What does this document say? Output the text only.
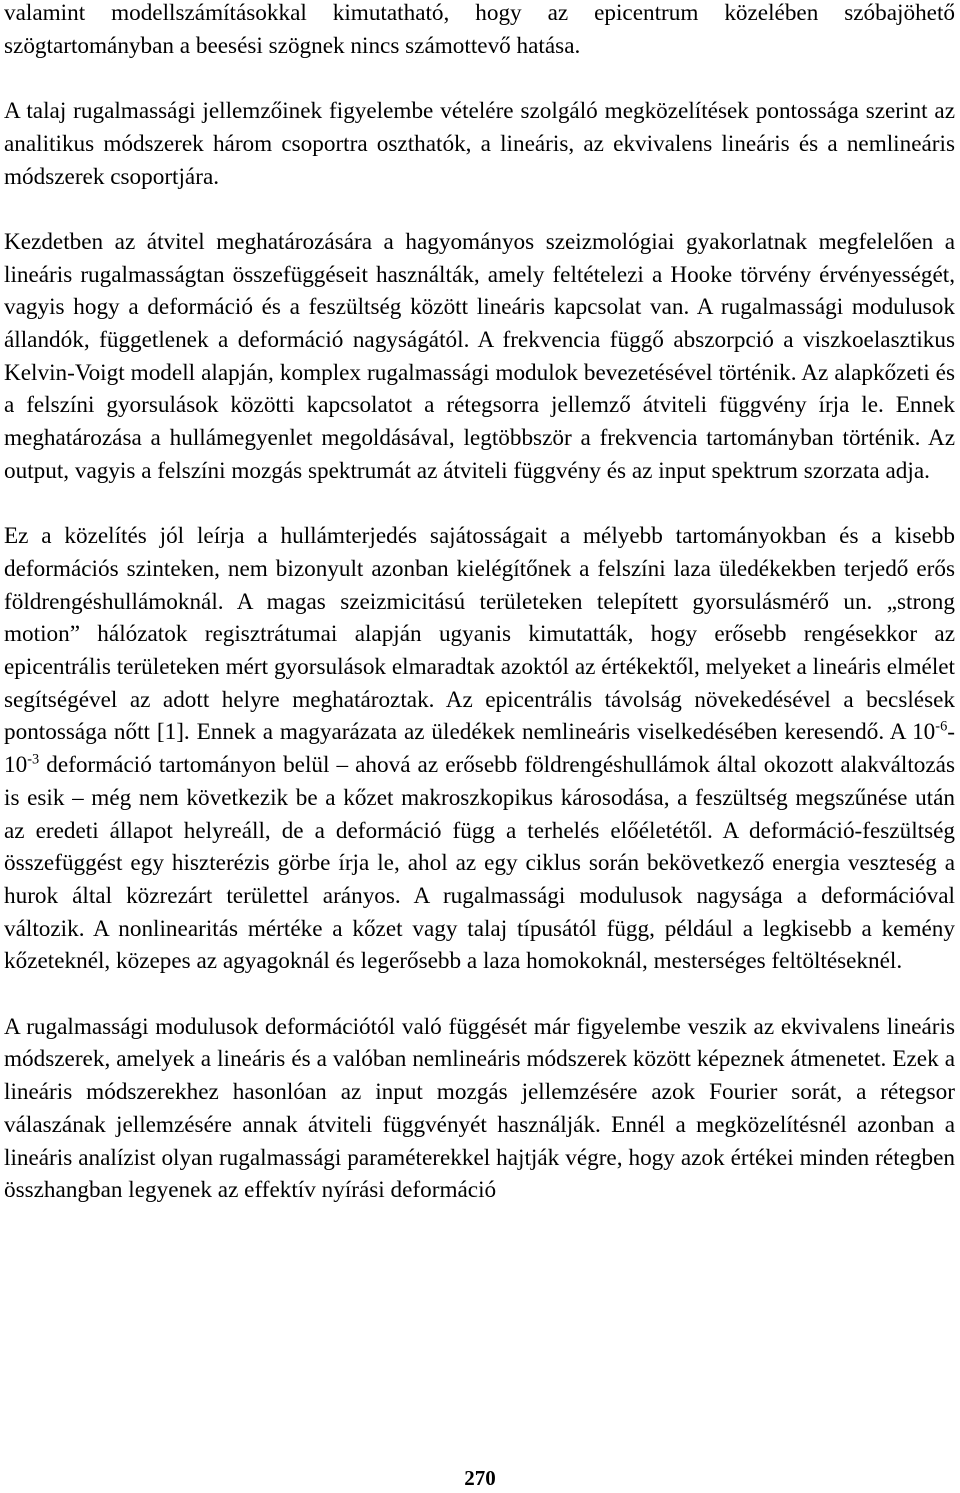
valamint modellszámításokkal kimutatható, hogy az epicentrum közelében szóbajöhető szögtartományban a beesési szögnek nincs számottevő hatása.

A talaj rugalmassági jellemzőinek figyelembe vételére szolgáló megközelítések pontossága szerint az analitikus módszerek három csoportra oszthatók, a lineáris, az ekvivalens lineáris és a nemlineáris módszerek csoportjára.

Kezdetben az átvitel meghatározására a hagyományos szeizmológiai gyakorlatnak megfelelően a lineáris rugalmasságtan összefüggéseit használták, amely feltételezi a Hooke törvény érvényességét, vagyis hogy a deformáció és a feszültség között lineáris kapcsolat van. A rugalmassági modulusok állandók, függetlenek a deformáció nagyságától. A frekvencia függő abszorpció a viszkoelasztikus Kelvin-Voigt modell alapján, komplex rugalmassági modulok bevezetésével történik. Az alapkőzeti és a felszíni gyorsulások közötti kapcsolatot a rétegsorra jellemző átviteli függvény írja le. Ennek meghatározása a hullámegyenlet megoldásával, legtöbbször a frekvencia tartományban történik. Az output, vagyis a felszíni mozgás spektrumát az átviteli függvény és az input spektrum szorzata adja.

Ez a közelítés jól leírja a hullámterjedés sajátosságait a mélyebb tartományokban és a kisebb deformációs szinteken, nem bizonyult azonban kielégítőnek a felszíni laza üledékekben terjedő erős földrengéshullámoknál. A magas szeizmicitású területeken telepített gyorsulásmérő un. „strong motion” hálózatok regisztrátumai alapján ugyanis kimutatták, hogy erősebb rengésekkor az epicentrális területeken mért gyorsulások elmaradtak azoktól az értékektől, melyeket a lineáris elmélet segítségével az adott helyre meghatároztak. Az epicentrális távolság növekedésével a becslések pontossága nőtt [1]. Ennek a magyarázata az üledékek nemlineáris viselkedésében keresendő. A $10^{-6}-10^{-3}$ deformáció tartományon belül – ahová az erősebb földrengéshullámok által okozott alakváltozás is esik – még nem következik be a kőzet makroszkopikus károsodása, a feszültség megszűnése után az eredeti állapot helyreáll, de a deformáció függ a terhelés előéletétől. A deformáció-feszültség összefüggést egy hiszterézis görbe írja le, ahol az egy ciklus során bekövetkező energia veszteség a hurok által közrezárt területtel arányos. A rugalmassági modulusok nagysága a deformációval változik. A nonlinearitás mértéke a kőzet vagy talaj típusától függ, például a legkisebb a kemény kőzeteknél, közepes az agyagoknál és legerősebb a laza homokoknál, mesterséges feltöltéseknél.

A rugalmassági modulusok deformációtól való függését már figyelembe veszik az ekvivalens lineáris módszerek, amelyek a lineáris és a valóban nemlineáris módszerek között képeznek átmenetet. Ezek a lineáris módszerekhez hasonlóan az input mozgás jellemzésére azok Fourier sorát, a rétegsor válaszának jellemzésére annak átviteli függvényét használják. Ennél a megközelítésnél azonban a lineáris analízist olyan rugalmassági paraméterekkel hajtják végre, hogy azok értékei minden rétegben összhangban legyenek az effektív nyírási deformáció

270
